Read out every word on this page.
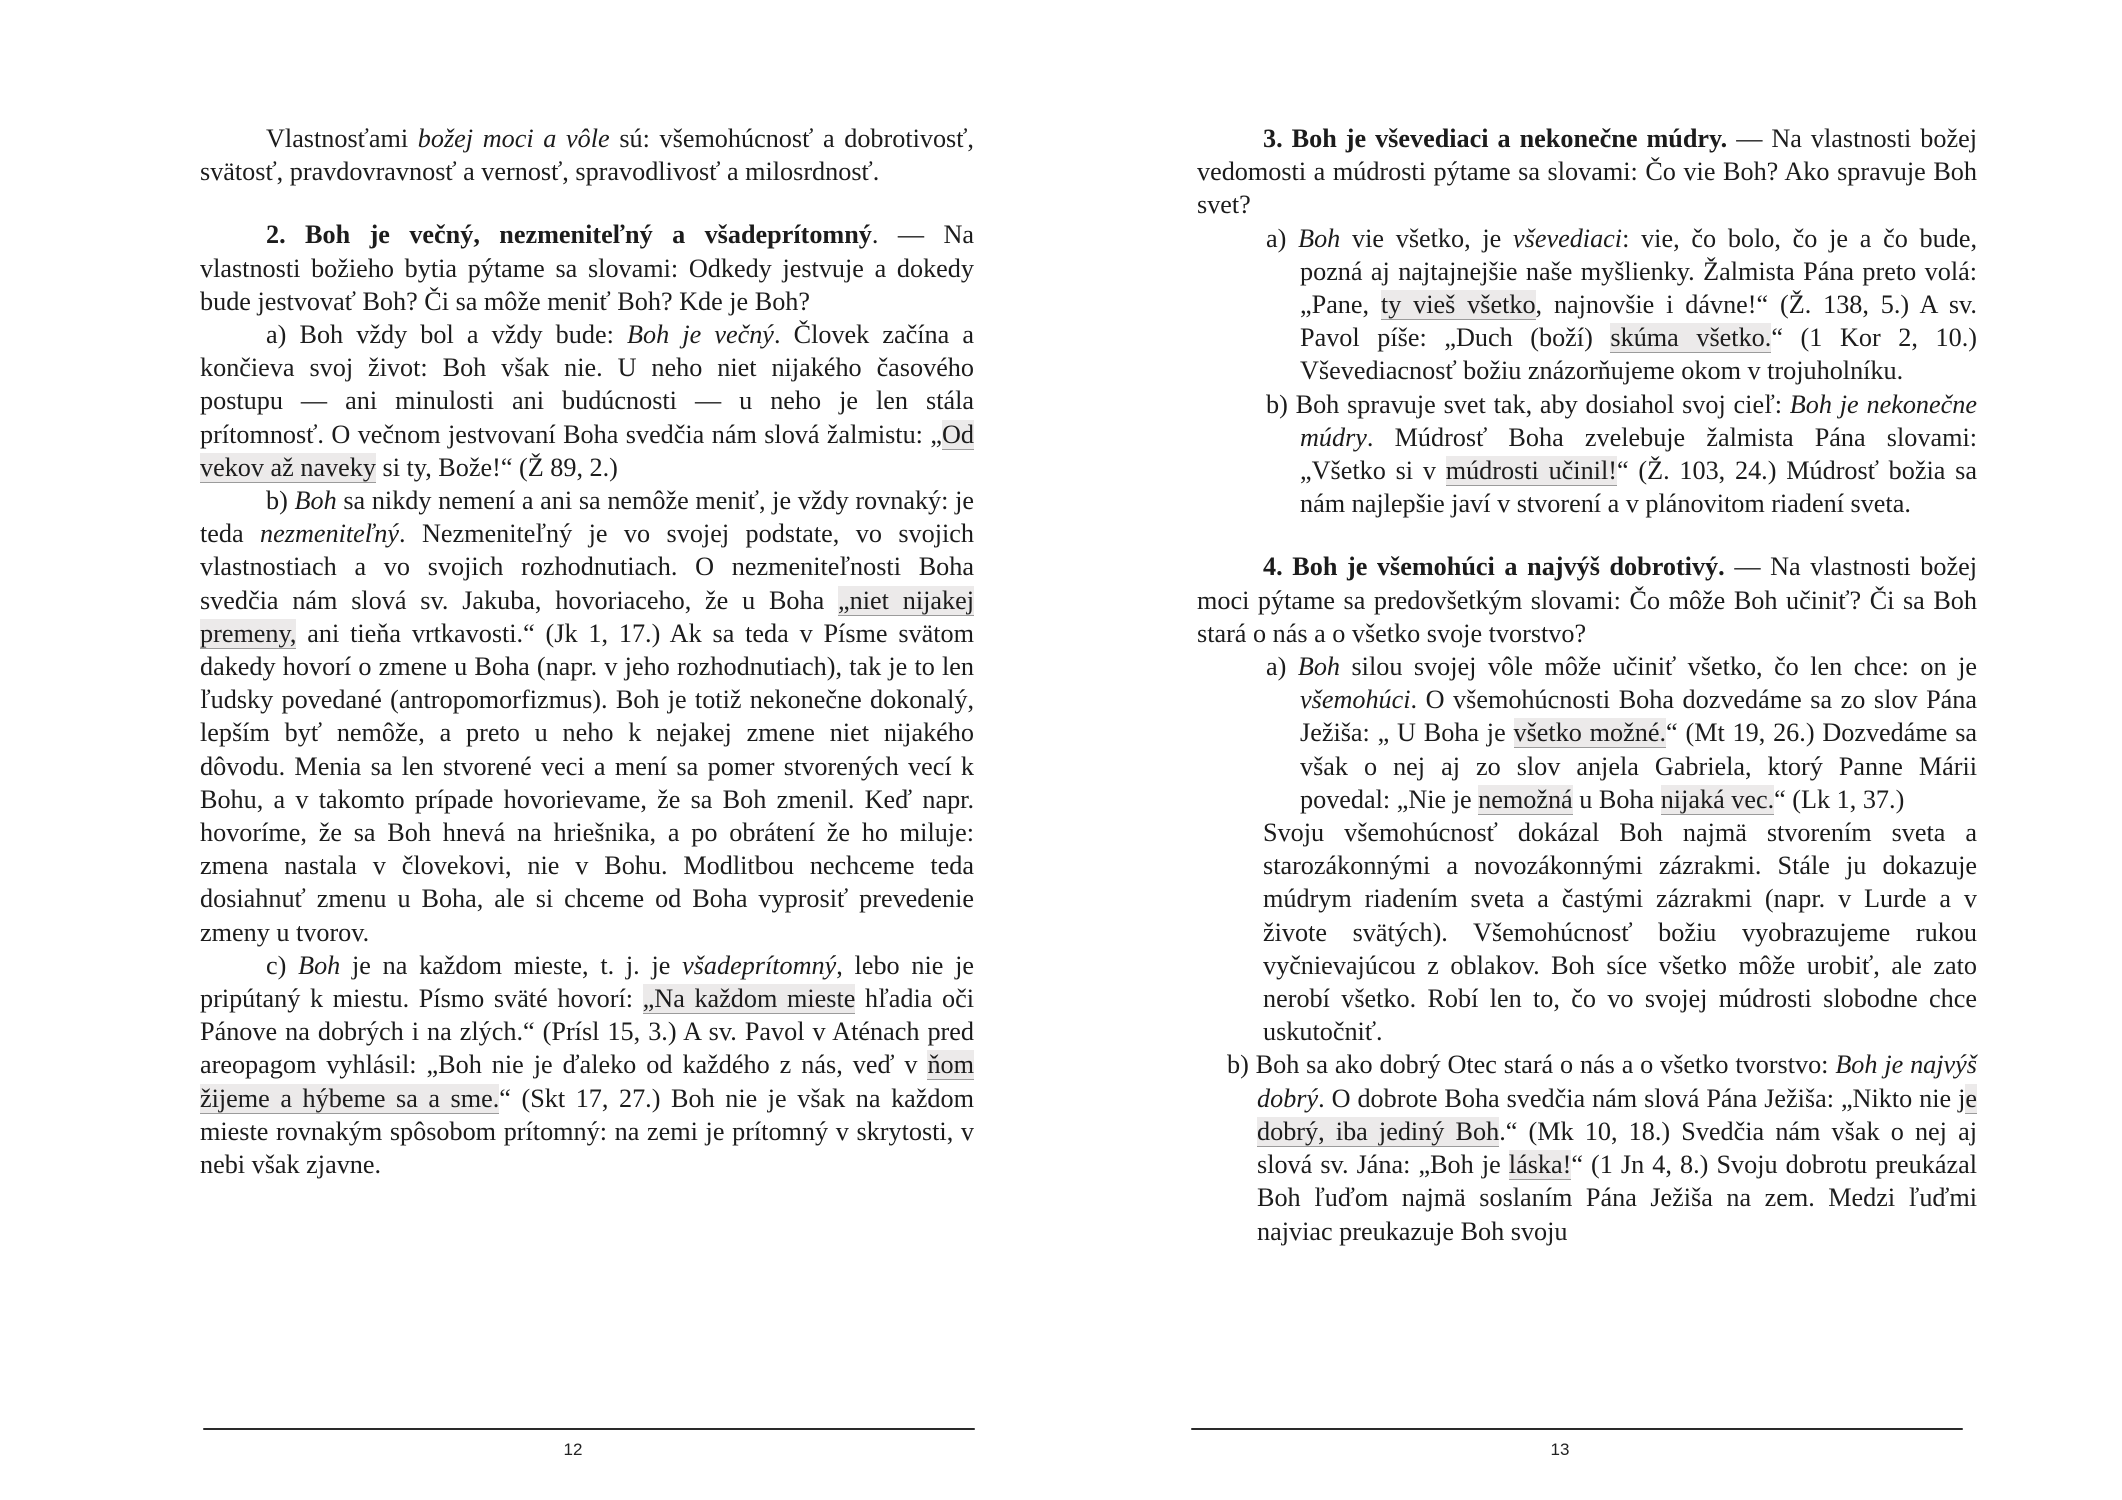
Vlastnosťami božej moci a vôle sú: všemohúcnosť a dobrotivosť, svätosť, pravdovravnosť a vernosť, spravodlivosť a milosrdnosť.

2. Boh je večný, nezmeniteľný a všadeprítomný. — Na vlastnosti božieho bytia pýtame sa slovami: Odkedy jestvuje a dokedy bude jestvovať Boh? Či sa môže meniť Boh? Kde je Boh?

a) Boh vždy bol a vždy bude: Boh je večný. Človek začína a končieva svoj život: Boh však nie. U neho niet nijakého časového postupu — ani minulosti ani budúcnosti — u neho je len stála prítomnosť. O večnom jestvovaní Boha svedčia nám slová žalmistu: „Od vekov až naveky si ty, Bože!“ (Ž 89, 2.)

b) Boh sa nikdy nemení a ani sa nemôže meniť, je vždy rovnaký: je teda nezmeniteľný. Nezmeniteľný je vo svojej podstate, vo svojich vlastnostiach a vo svojich rozhodnutiach. O nezmeniteľnosti Boha svedčia nám slová sv. Jakuba, hovoriaceho, že u Boha „niet nijakej premeny, ani tieňa vrtkavosti.“ (Jk 1, 17.) Ak sa teda v Písme svätom dakedy hovorí o zmene u Boha (napr. v jeho rozhodnutiach), tak je to len ľudsky povedané (antropomorfizmus). Boh je totiž nekonečne dokonalý, lepším byť nemôže, a preto u neho k nejakej zmene niet nijakého dôvodu. Menia sa len stvorené veci a mení sa pomer stvorených vecí k Bohu, a v takomto prípade hovorievame, že sa Boh zmenil. Keď napr. hovoríme, že sa Boh hnevá na hriešnika, a po obrátení že ho miluje: zmena nastala v človekovi, nie v Bohu. Modlitbou nechceme teda dosiahnuť zmenu u Boha, ale si chceme od Boha vyprosiť prevedenie zmeny u tvorov.

c) Boh je na každom mieste, t. j. je všadeprítomný, lebo nie je pripútaný k miestu. Písmo sväté hovorí: „Na každom mieste hľadia oči Pánove na dobrých i na zlých.“ (Prísl 15, 3.) A sv. Pavol v Aténach pred areopagom vyhlásil: „Boh nie je ďaleko od každého z nás, veď v ňom žijeme a hýbeme sa a sme.“ (Skt 17, 27.) Boh nie je však na každom mieste rovnakým spôsobom prítomný: na zemi je prítomný v skrytosti, v nebi však zjavne.

12

3. Boh je vševediaci a nekonečne múdry. — Na vlastnosti božej vedomosti a múdrosti pýtame sa slovami: Čo vie Boh? Ako spravuje Boh svet?

a) Boh vie všetko, je vševediaci: vie, čo bolo, čo je a čo bude, pozná aj najtajnejšie naše myšlienky. Žalmista Pána preto volá: „Pane, ty vieš všetko, najnovšie i dávne!“ (Ž. 138, 5.) A sv. Pavol píše: „Duch (boží) skúma všetko.“ (1 Kor 2, 10.) Vševediacnosť božiu znázorňujeme okom v trojuholníku.

b) Boh spravuje svet tak, aby dosiahol svoj cieľ: Boh je nekonečne múdry. Múdrosť Boha zvelebuje žalmista Pána slovami: „Všetko si v múdrosti učinil!“ (Ž. 103, 24.) Múdrosť božia sa nám najlepšie javí v stvorení a v plánovitom riadení sveta.

4. Boh je všemohúci a najvýš dobrotivý. — Na vlastnosti božej moci pýtame sa predovšetkým slovami: Čo môže Boh učiniť? Či sa Boh stará o nás a o všetko svoje tvorstvo?

a) Boh silou svojej vôle môže učiniť všetko, čo len chce: on je všemohúci. O všemohúcnosti Boha dozvedáme sa zo slov Pána Ježiša: „ U Boha je všetko možné.“ (Mt 19, 26.) Dozvedáme sa však o nej aj zo slov anjela Gabriela, ktorý Panne Márii povedal: „Nie je nemožná u Boha nijaká vec.“ (Lk 1, 37.)

Svoju všemohúcnosť dokázal Boh najmä stvorením sveta a starozákonnými a novozákonnými zázrakmi. Stále ju dokazuje múdrym riadením sveta a častými zázrakmi (napr. v Lurde a v živote svätých). Všemohúcnosť božiu vyobrazujeme rukou vyčnievajúcou z oblakov. Boh síce všetko môže urobiť, ale zato nerobí všetko. Robí len to, čo vo svojej múdrosti slobodne chce uskutočniť.

b) Boh sa ako dobrý Otec stará o nás a o všetko tvorstvo: Boh je najvýš dobrý. O dobrote Boha svedčia nám slová Pána Ježiša: „Nikto nie je dobrý, iba jediný Boh.“ (Mk 10, 18.) Svedčia nám však o nej aj slová sv. Jána: „Boh je láska!“ (1 Jn 4, 8.) Svoju dobrotu preukázal Boh ľuďom najmä soslaním Pána Ježiša na zem. Medzi ľuďmi najviac preukazuje Boh svoju

13
